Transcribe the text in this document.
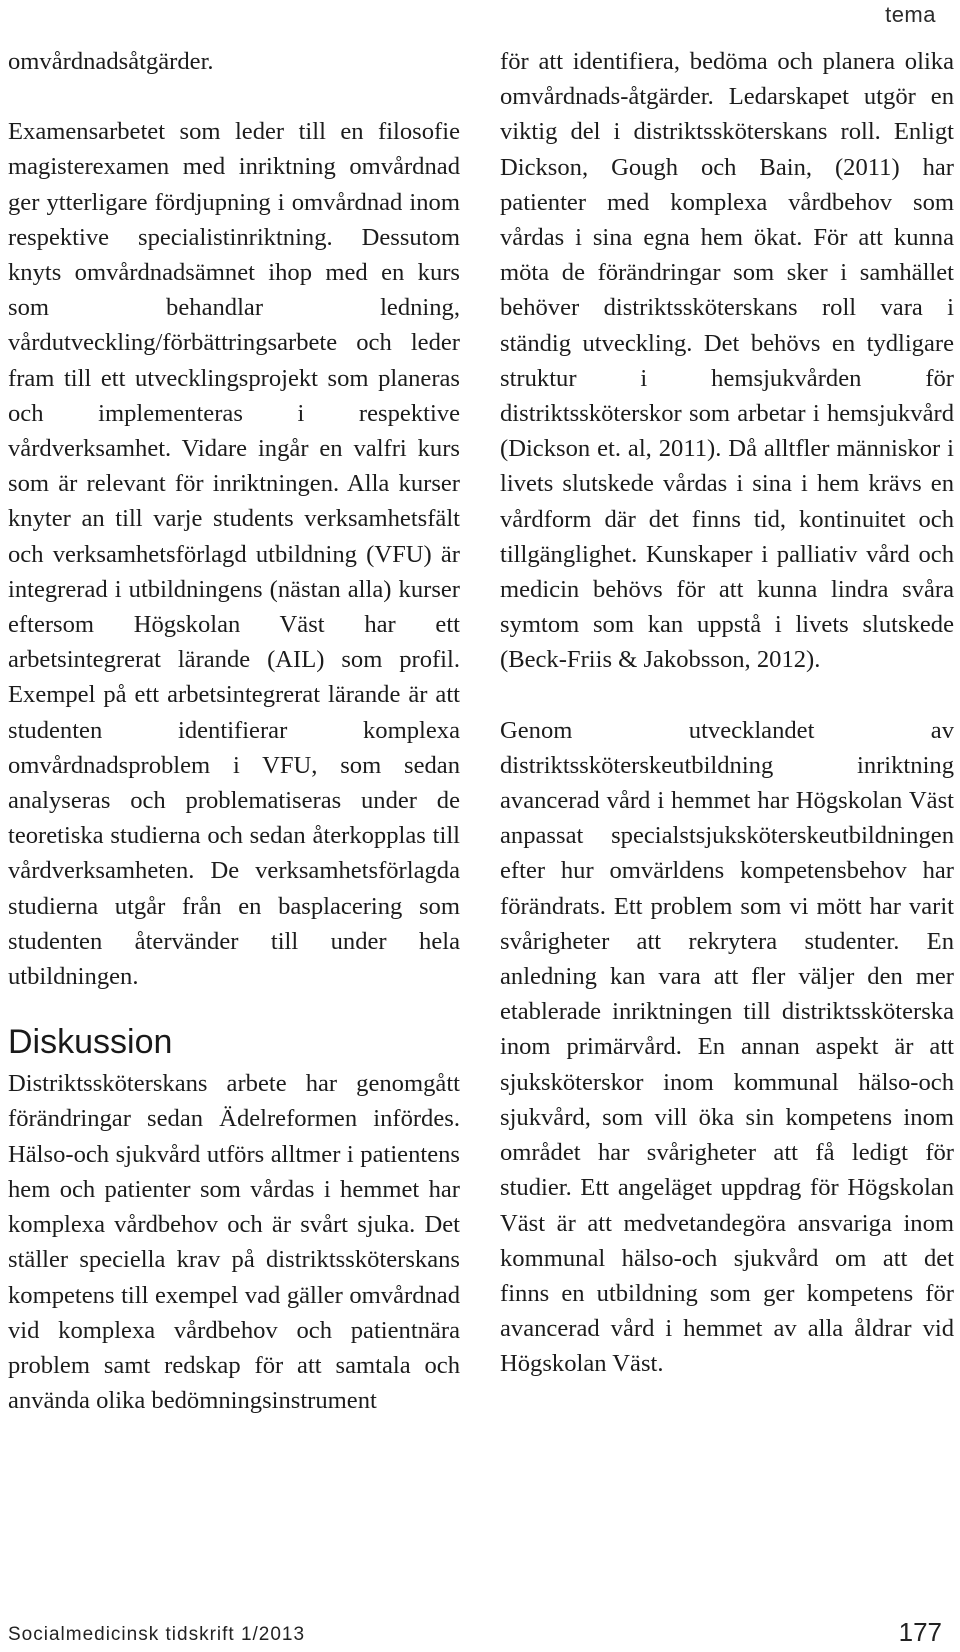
tema

omvårdnadsåtgärder.

Examensarbetet som leder till en filosofie magisterexamen med inriktning omvårdnad ger ytterligare fördjupning i omvårdnad inom respektive specialistinriktning. Dessutom knyts omvårdnadsämnet ihop med en kurs som behandlar ledning, vårdutveckling/förbättringsarbete och leder fram till ett utvecklingsprojekt som planeras och implementeras i respektive vårdverksamhet. Vidare ingår en valfri kurs som är relevant för inriktningen. Alla kurser knyter an till varje students verksamhetsfält och verksamhetsförlagd utbildning (VFU) är integrerad i utbildningens (nästan alla) kurser eftersom Högskolan Väst har ett arbetsintegrerat lärande (AIL) som profil. Exempel på ett arbetsintegrerat lärande är att studenten identifierar komplexa omvårdnadsproblem i VFU, som sedan analyseras och problematiseras under de teoretiska studierna och sedan återkopplas till vårdverksamheten. De verksamhetsförlagda studierna utgår från en basplacering som studenten återvänder till under hela utbildningen.

Diskussion

Distriktssköterskans arbete har genomgått förändringar sedan Ädelreformen infördes. Hälso-och sjukvård utförs alltmer i patientens hem och patienter som vårdas i hemmet har komplexa vårdbehov och är svårt sjuka. Det ställer speciella krav på distriktssköterskans kompetens till exempel vad gäller omvårdnad vid komplexa vårdbehov och patientnära problem samt redskap för att samtala och använda olika bedömningsinstrument

för att identifiera, bedöma och planera olika omvårdnads-åtgärder. Ledarskapet utgör en viktig del i distriktssköterskans roll. Enligt Dickson, Gough och Bain, (2011) har patienter med komplexa vårdbehov som vårdas i sina egna hem ökat. För att kunna möta de förändringar som sker i samhället behöver distriktssköterskans roll vara i ständig utveckling. Det behövs en tydligare struktur i hemsjukvården för distriktssköterskor som arbetar i hemsjukvård (Dickson et. al, 2011). Då alltfler människor i livets slutskede vårdas i sina i hem krävs en vårdform där det finns tid, kontinuitet och tillgänglighet. Kunskaper i palliativ vård och medicin behövs för att kunna lindra svåra symtom som kan uppstå i livets slutskede (Beck-Friis & Jakobsson, 2012).

Genom utvecklandet av distriktssköterskeutbildning inriktning avancerad vård i hemmet har Högskolan Väst anpassat specialstsjuksköterskeutbildningen efter hur omvärldens kompetensbehov har förändrats. Ett problem som vi mött har varit svårigheter att rekrytera studenter. En anledning kan vara att fler väljer den mer etablerade inriktningen till distriktssköterska inom primärvård. En annan aspekt är att sjuksköterskor inom kommunal hälso-och sjukvård, som vill öka sin kompetens inom området har svårigheter att få ledigt för studier. Ett angeläget uppdrag för Högskolan Väst är att medvetandegöra ansvariga inom kommunal hälso-och sjukvård om att det finns en utbildning som ger kompetens för avancerad vård i hemmet av alla åldrar vid Högskolan Väst.

Socialmedicinsk tidskrift 1/2013	177
